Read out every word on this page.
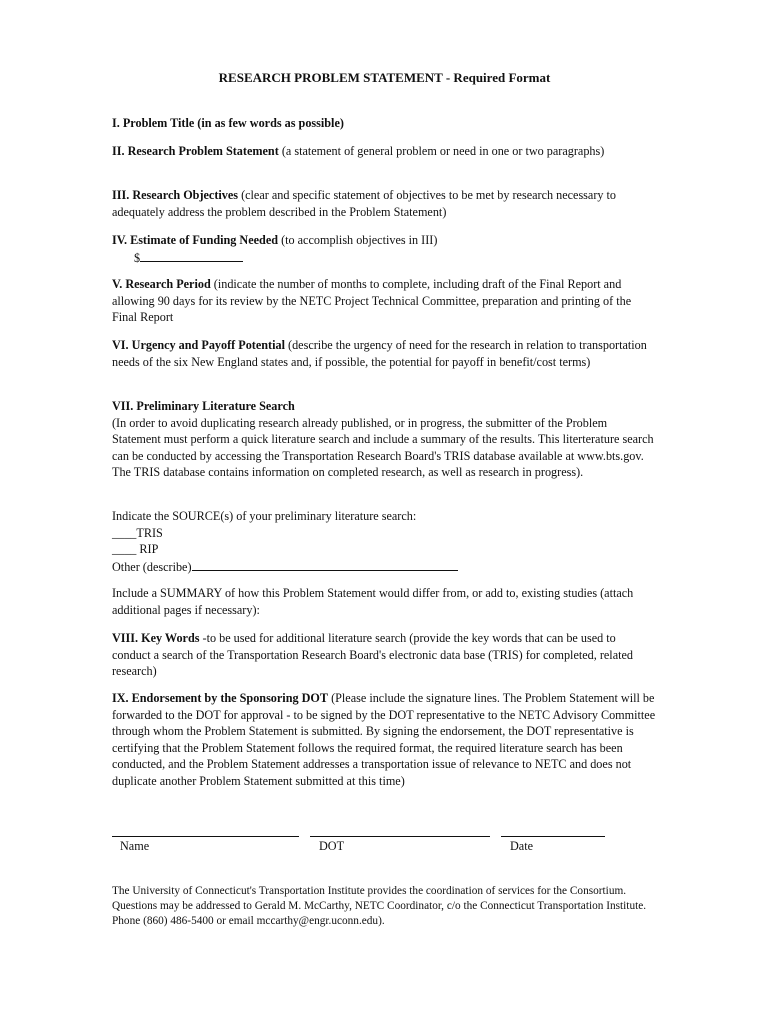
RESEARCH PROBLEM STATEMENT - Required Format

I. Problem Title (in as few words as possible)

II. Research Problem Statement (a statement of general problem or need in one or two paragraphs)

III. Research Objectives (clear and specific statement of objectives to be met by research necessary to adequately address the problem described in the Problem Statement)

IV. Estimate of Funding Needed (to accomplish objectives in III)
$

V. Research Period (indicate the number of months to complete, including draft of the Final Report and allowing 90 days for its review by the NETC Project Technical Committee, preparation and printing of the Final Report

VI. Urgency and Payoff Potential (describe the urgency of need for the research in relation to transportation needs of the six New England states and, if possible, the potential for payoff in benefit/cost terms)

VII. Preliminary Literature Search
(In order to avoid duplicating research already published, or in progress, the submitter of the Problem Statement must perform a quick literature search and include a summary of the results. This literterature search can be conducted by accessing the Transportation Research Board's TRIS database available at www.bts.gov. The TRIS database contains information on completed research, as well as research in progress).
Indicate the SOURCE(s) of your preliminary literature search:
____TRIS
____ RIP
Other (describe)

Include a SUMMARY of how this Problem Statement would differ from, or add to, existing studies (attach additional pages if necessary):

VIII. Key Words -to be used for additional literature search (provide the key words that can be used to conduct a search of the Transportation Research Board's electronic data base (TRIS) for completed, related research)

IX. Endorsement by the Sponsoring DOT (Please include the signature lines. The Problem Statement will be forwarded to the DOT for approval - to be signed by the DOT representative to the NETC Advisory Committee through whom the Problem Statement is submitted. By signing the endorsement, the DOT representative is certifying that the Problem Statement follows the required format, the required literature search has been conducted, and the Problem Statement addresses a transportation issue of relevance to NETC and does not duplicate another Problem Statement submitted at this time)

Name	DOT	Date
The University of Connecticut's Transportation Institute provides the coordination of services for the Consortium. Questions may be addressed to Gerald M. McCarthy, NETC Coordinator, c/o the Connecticut Transportation Institute. Phone (860) 486-5400 or email mccarthy@engr.uconn.edu).
